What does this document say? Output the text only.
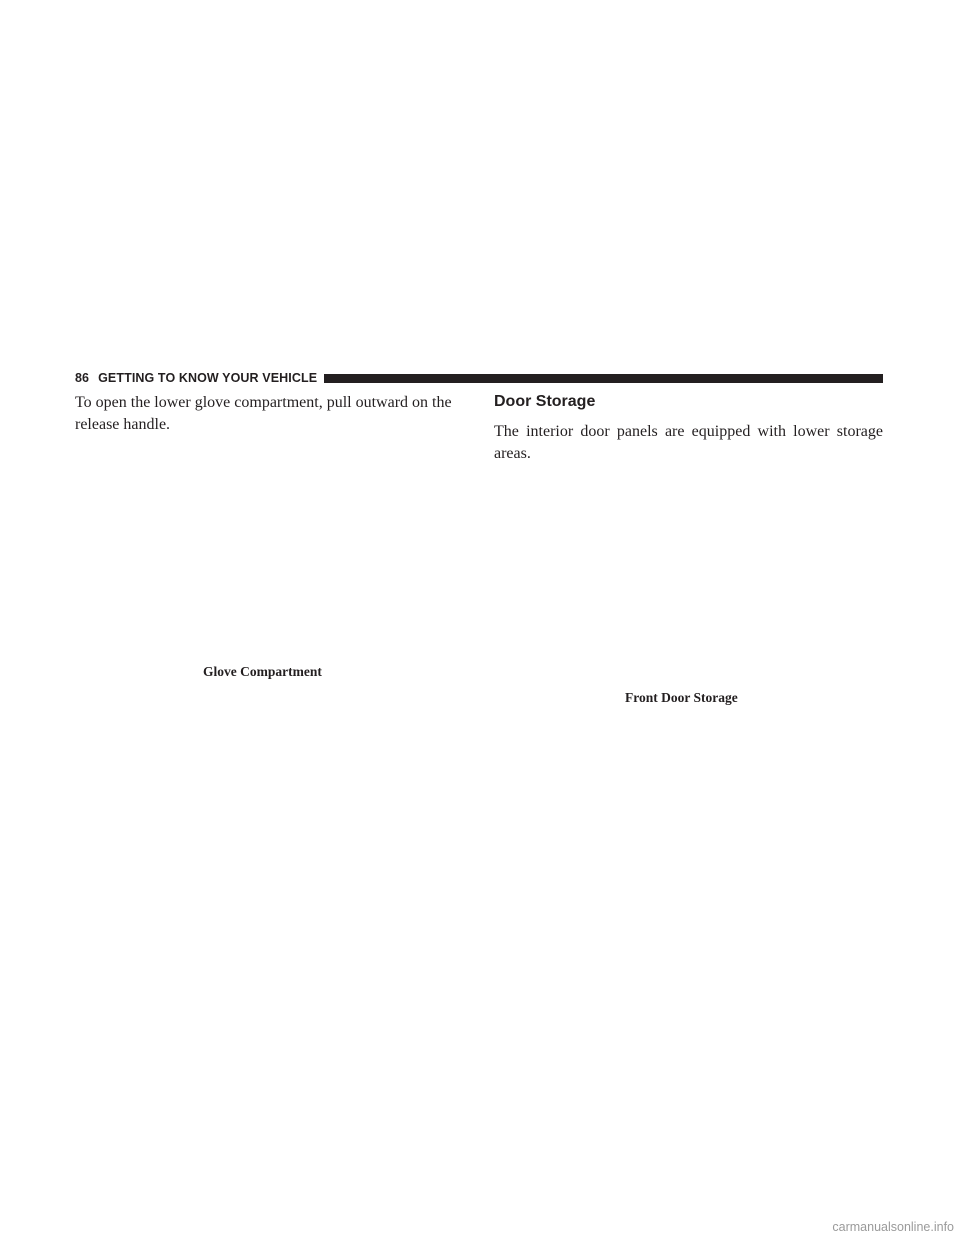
86 GETTING TO KNOW YOUR VEHICLE

To open the lower glove compartment, pull outward on the release handle.

Glove Compartment
Door Storage

The interior door panels are equipped with lower storage areas.

Front Door Storage
carmanualsonline.info
